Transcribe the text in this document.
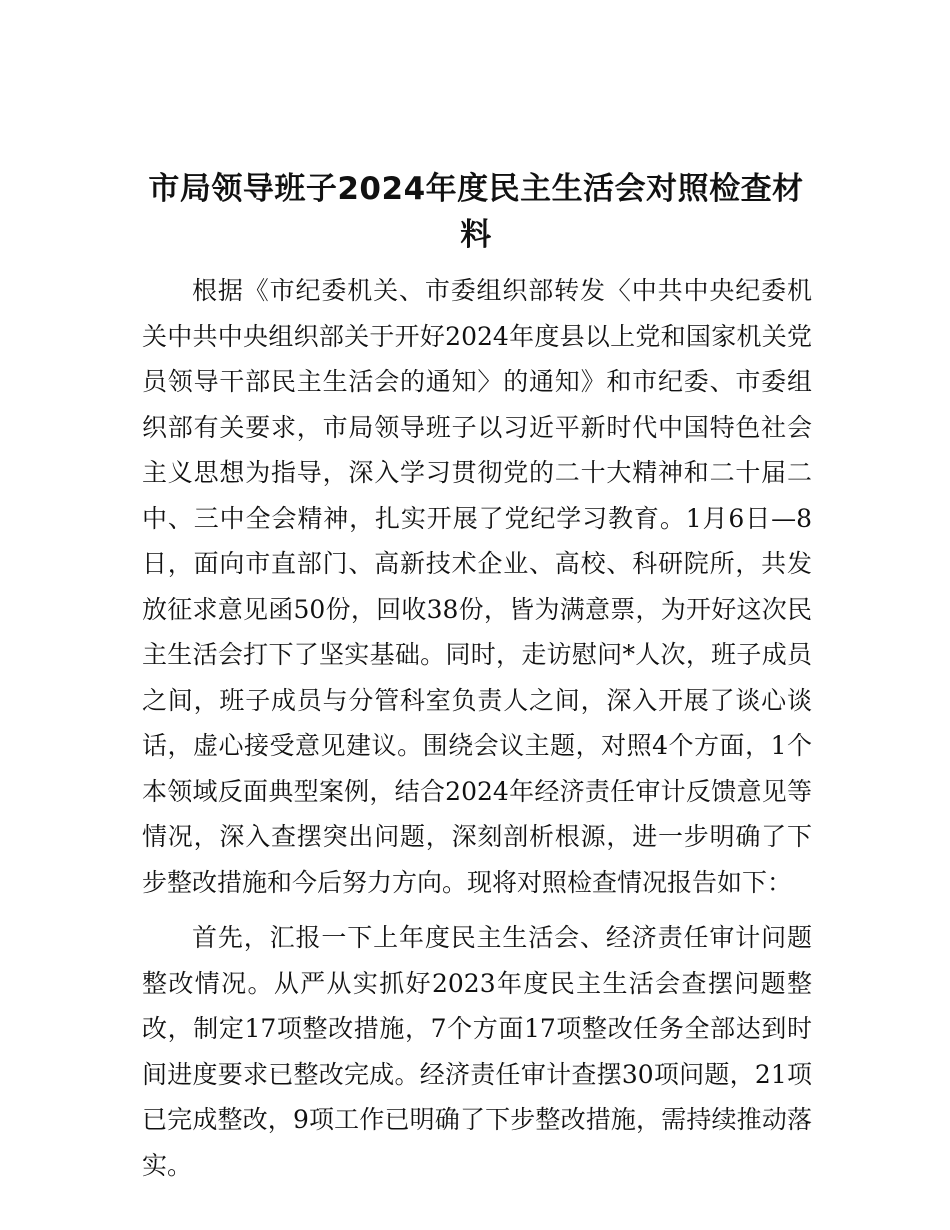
市局领导班子2024年度民主生活会对照检查材料

根据《市纪委机关、市委组织部转发〈中共中央纪委机关中共中央组织部关于开好2024年度县以上党和国家机关党员领导干部民主生活会的通知〉的通知》和市纪委、市委组织部有关要求，市局领导班子以习近平新时代中国特色社会主义思想为指导，深入学习贯彻党的二十大精神和二十届二中、三中全会精神，扎实开展了党纪学习教育。1月6日—8日，面向市直部门、高新技术企业、高校、科研院所，共发放征求意见函50份，回收38份，皆为满意票，为开好这次民主生活会打下了坚实基础。同时，走访慰问*人次，班子成员之间，班子成员与分管科室负责人之间，深入开展了谈心谈话，虚心接受意见建议。围绕会议主题，对照4个方面，1个本领域反面典型案例，结合2024年经济责任审计反馈意见等情况，深入查摆突出问题，深刻剖析根源，进一步明确了下步整改措施和今后努力方向。现将对照检查情况报告如下：

首先，汇报一下上年度民主生活会、经济责任审计问题整改情况。从严从实抓好2023年度民主生活会查摆问题整改，制定17项整改措施，7个方面17项整改任务全部达到时间进度要求已整改完成。经济责任审计查摆30项问题，21项已完成整改，9项工作已明确了下步整改措施，需持续推动落实。
